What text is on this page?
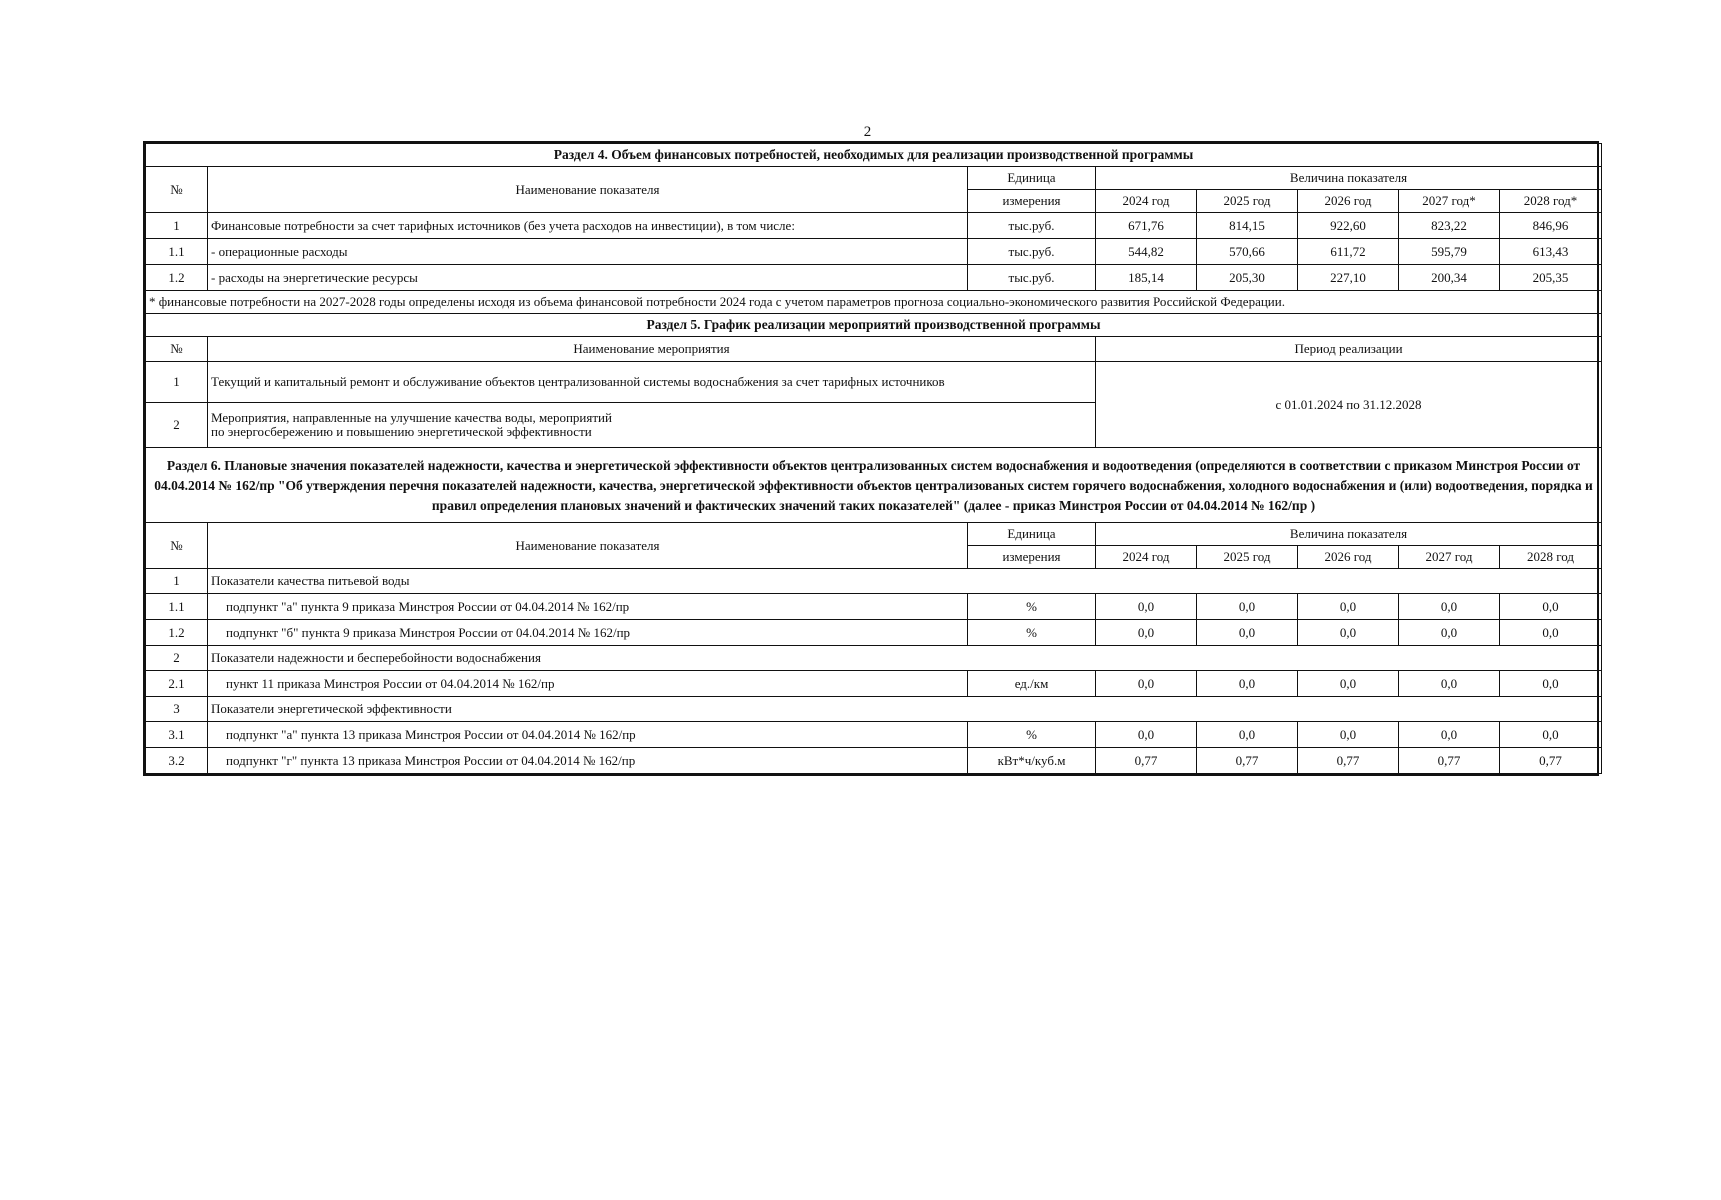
2
Раздел 4. Объем финансовых потребностей, необходимых для реализации производственной программы							
№	Наименование показателя	Единица	Величина показателя				
		измерения	2024 год	2025 год	2026 год	2027 год*	2028 год*
1	Финансовые потребности за счет тарифных источников (без учета расходов на инвестиции), в том числе:	тыс.руб.	671,76	814,15	922,60	823,22	846,96
1.1	- операционные расходы	тыс.руб.	544,82	570,66	611,72	595,79	613,43
1.2	- расходы на энергетические ресурсы	тыс.руб.	185,14	205,30	227,10	200,34	205,35
* финансовые потребности на 2027-2028 годы определены исходя из объема финансовой потребности 2024 года с учетом параметров прогноза социально-экономического развития Российской Федерации.							
Раздел 5. График реализации мероприятий производственной программы							
№	Наименование мероприятия		Период реализации				
1	Текущий и капитальный ремонт и обслуживание объектов централизованной системы водоснабжения за счет тарифных источников		с 01.01.2024 по 31.12.2028				
2	Мероприятия, направленные на улучшение качества воды, мероприятий
по энергосбережению и повышению энергетической эффективности						

Раздел 6. Плановые значения показателей надежности, качества и энергетической эффективности объектов централизованных систем водоснабжения и водоотведения (определяются в соответствии с приказом Минстроя России от 04.04.2014 № 162/пр "Об утверждения перечня показателей надежности, качества, энергетической эффективности объектов централизованых систем горячего водоснабжения, холодного водоснабжения и (или) водоотведения, порядка и правил определения плановых значений и фактических значений таких показателей" (далее - приказ Минстроя России от 04.04.2014 № 162/пр )							
№	Наименование показателя	Единица	Величина показателя				
		измерения	2024 год	2025 год	2026 год	2027 год	2028 год
1	Показатели качества питьевой воды						
1.1	подпункт "а" пункта 9 приказа Минстроя России от 04.04.2014 № 162/пр	%	0,0	0,0	0,0	0,0	0,0
1.2	подпункт "б" пункта 9 приказа Минстроя России от 04.04.2014 № 162/пр	%	0,0	0,0	0,0	0,0	0,0
2	Показатели надежности и бесперебойности водоснабжения						
2.1	пункт 11 приказа Минстроя России от 04.04.2014 № 162/пр	ед./км	0,0	0,0	0,0	0,0	0,0
3	Показатели энергетической эффективности						
3.1	подпункт "а" пункта 13 приказа Минстроя России от 04.04.2014 № 162/пр	%	0,0	0,0	0,0	0,0	0,0
3.2	подпункт "г" пункта 13 приказа Минстроя России от 04.04.2014 № 162/пр	кВт*ч/куб.м	0,77	0,77	0,77	0,77	0,77
